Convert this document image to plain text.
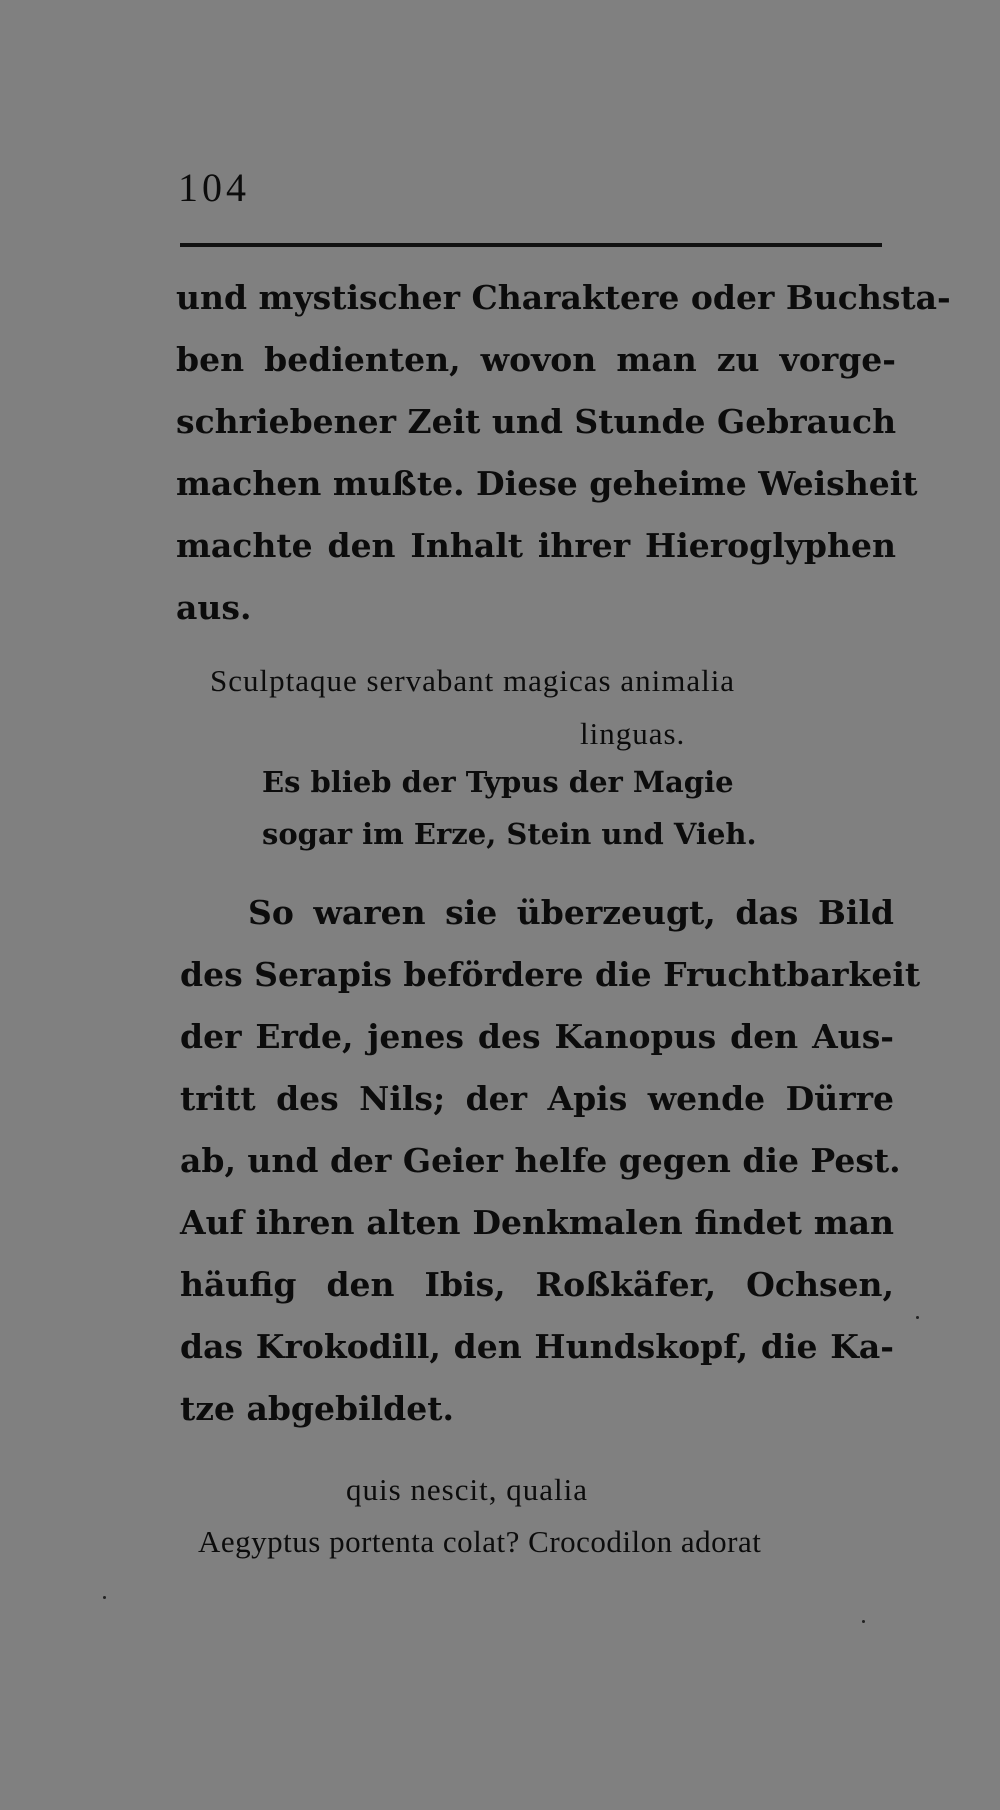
104
und mystischer Charaktere oder Buchsta-
ben bedienten, wovon man zu vorge-
schriebener Zeit und Stunde Gebrauch
machen mußte. Diese geheime Weisheit
machte den Inhalt ihrer Hieroglyphen
aus.
Sculptaque servabant magicas animalia
linguas.
Es blieb der Typus der Magie
sogar im Erze, Stein und Vieh.
So waren sie überzeugt, das Bild
des Serapis befördere die Fruchtbarkeit
der Erde, jenes des Kanopus den Aus-
tritt des Nils; der Apis wende Dürre
ab, und der Geier helfe gegen die Pest.
Auf ihren alten Denkmalen findet man
häufig den Ibis, Roßkäfer, Ochsen,
das Krokodill, den Hundskopf, die Ka-
tze abgebildet.
quis nescit, qualia
Aegyptus portenta colat? Crocodilon adorat
